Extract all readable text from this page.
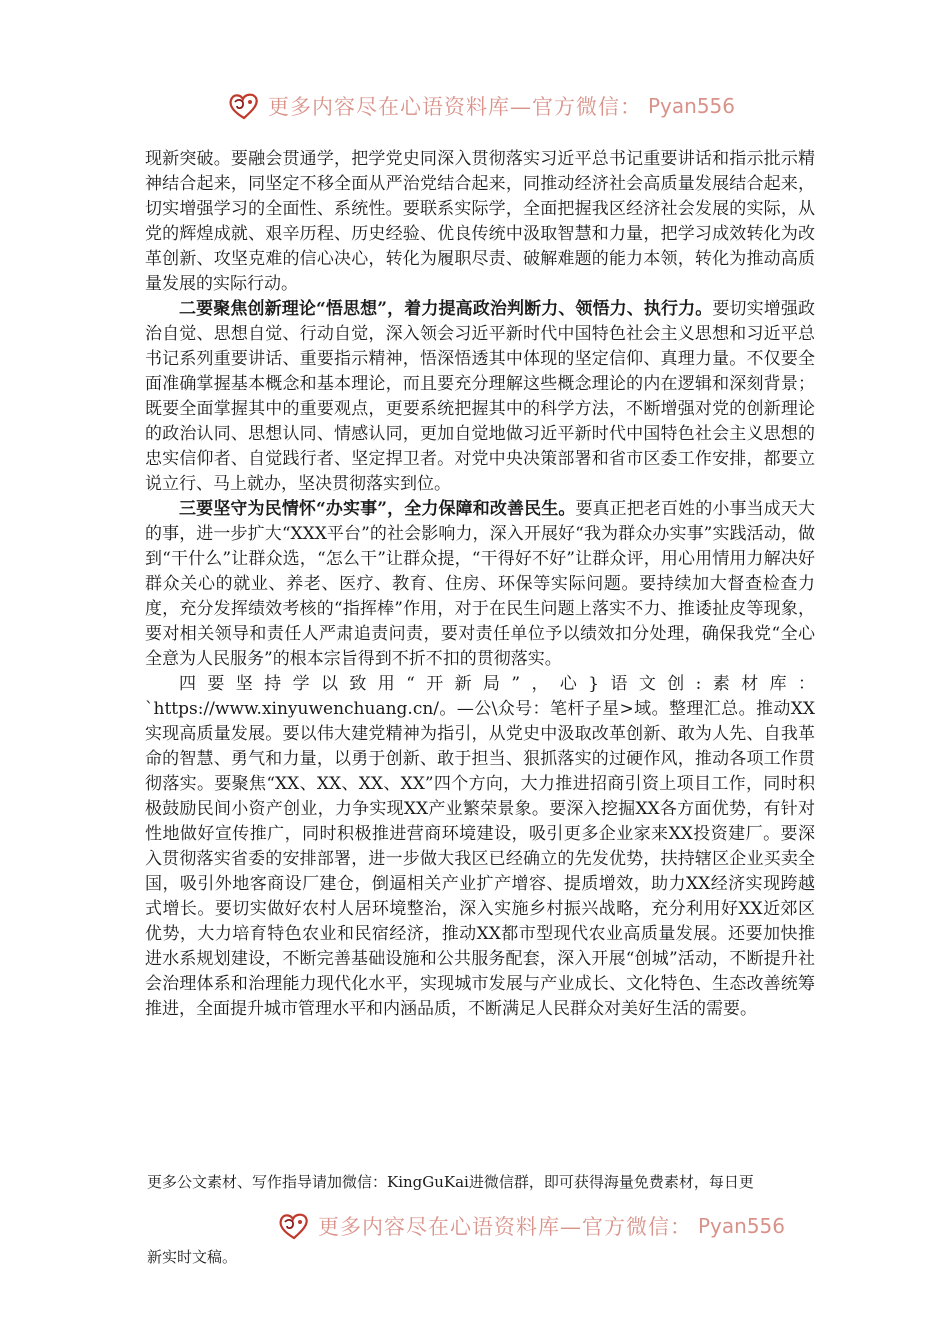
更多内容尽在心语资料库—官方微信： Pyan556

现新突破。要融会贯通学，把学党史同深入贯彻落实习近平总书记重要讲话和指示批示精神结合起来，同坚定不移全面从严治党结合起来，同推动经济社会高质量发展结合起来，切实增强学习的全面性、系统性。要联系实际学，全面把握我区经济社会发展的实际，从党的辉煌成就、艰辛历程、历史经验、优良传统中汲取智慧和力量，把学习成效转化为改革创新、攻坚克难的信心决心，转化为履职尽责、破解难题的能力本领，转化为推动高质量发展的实际行动。

二要聚焦创新理论“悟思想”，着力提高政治判断力、领悟力、执行力。要切实增强政治自觉、思想自觉、行动自觉，深入领会习近平新时代中国特色社会主义思想和习近平总书记系列重要讲话、重要指示精神，悟深悟透其中体现的坚定信仰、真理力量。不仅要全面准确掌握基本概念和基本理论，而且要充分理解这些概念理论的内在逻辑和深刻背景；既要全面掌握其中的重要观点，更要系统把握其中的科学方法，不断增强对党的创新理论的政治认同、思想认同、情感认同，更加自觉地做习近平新时代中国特色社会主义思想的忠实信仰者、自觉践行者、坚定捍卫者。对党中央决策部署和省市区委工作安排，都要立说立行、马上就办，坚决贯彻落实到位。

三要坚守为民情怀“办实事”，全力保障和改善民生。要真正把老百姓的小事当成天大的事，进一步扩大“XXX平台”的社会影响力，深入开展好“我为群众办实事”实践活动，做到“干什么”让群众选，“怎么干”让群众提，“干得好不好”让群众评，用心用情用力解决好群众关心的就业、养老、医疗、教育、住房、环保等实际问题。要持续加大督查检查力度，充分发挥绩效考核的“指挥棒”作用，对于在民生问题上落实不力、推诿扯皮等现象，要对相关领导和责任人严肃追责问责，要对责任单位予以绩效扣分处理，确保我党“全心全意为人民服务”的根本宗旨得到不折不扣的贯彻落实。

四要坚持学以致用“开新局”，心}语文创:素材库：`https://www.xinyuwenchuang.cn/。—公\众号：笔杆子星>域。整理汇总。推动XX实现高质量发展。要以伟大建党精神为指引，从党史中汲取改革创新、敢为人先、自我革命的智慧、勇气和力量，以勇于创新、敢于担当、狠抓落实的过硬作风，推动各项工作贯彻落实。要聚焦“XX、XX、XX、XX”四个方向，大力推进招商引资上项目工作，同时积极鼓励民间小资产创业，力争实现XX产业繁荣景象。要深入挖掘XX各方面优势，有针对性地做好宣传推广，同时积极推进营商环境建设，吸引更多企业家来XX投资建厂。要深入贯彻落实省委的安排部署，进一步做大我区已经确立的先发优势，扶持辖区企业买卖全国，吸引外地客商设厂建仓，倒逼相关产业扩产增容、提质增效，助力XX经济实现跨越式增长。要切实做好农村人居环境整治，深入实施乡村振兴战略，充分利用好XX近郊区优势，大力培育特色农业和民宿经济，推动XX都市型现代农业高质量发展。还要加快推进水系规划建设，不断完善基础设施和公共服务配套，深入开展“创城”活动，不断提升社会治理体系和治理能力现代化水平，实现城市发展与产业成长、文化特色、生态改善统筹推进，全面提升城市管理水平和内涵品质，不断满足人民群众对美好生活的需要。

更多公文素材、写作指导请加微信：KingGuKai进微信群，即可获得海量免费素材，每日更
更多内容尽在心语资料库—官方微信： Pyan556
新实时文稿。
